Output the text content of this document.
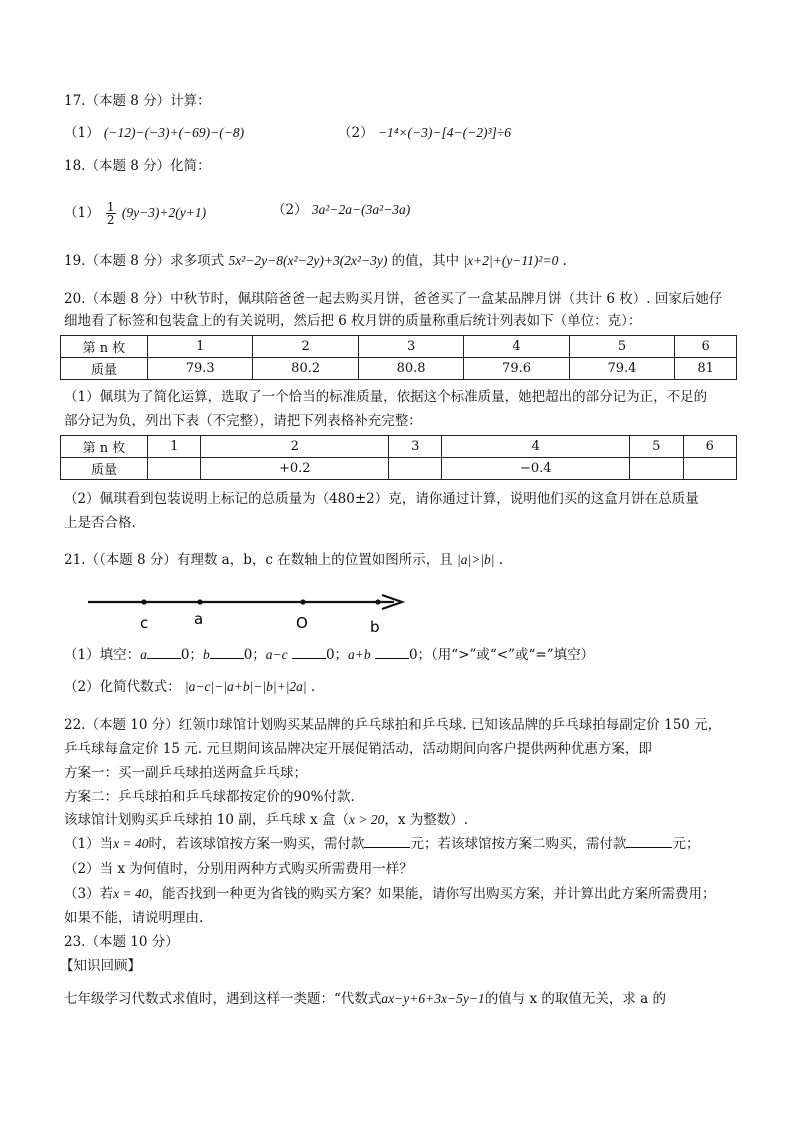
17.（本题 8 分）计算：
（1） (−12)−(−3)+(−69)−(−8)	（2） −1⁴×(−3)−[4−(−2)³]÷6
18.（本题 8 分）化简：
$(1) \frac{1}{2} (9y-3)+2(y+1)$	（2） 3a²−2a−(3a²−3a)
19.（本题 8 分）求多项式 5x²−2y−8(x²−2y)+3(2x²−3y) 的值，其中 |x+2|+(y−11)²=0 .
20.（本题 8 分）中秋节时，佩琪陪爸爸一起去购买月饼，爸爸买了一盒某品牌月饼（共计 6 枚）. 回家后她仔
细地看了标签和包装盒上的有关说明，然后把 6 枚月饼的质量称重后统计列表如下（单位：克）：
第 n 枚	1	2	3	4	5	6
质量	79.3	80.2	80.8	79.6	79.4	81
（1）佩琪为了简化运算，选取了一个恰当的标准质量，依据这个标准质量，她把超出的部分记为正，不足的
部分记为负，列出下表（不完整），请把下列表格补充完整：
第 n 枚	1	2	3	4	5	6
质量		+0.2		−0.4		
（2）佩琪看到包装说明上标记的总质量为（480±2）克，请你通过计算，说明他们买的这盒月饼在总质量
上是否合格.
21.（（本题 8 分）有理数 a，b，c 在数轴上的位置如图所示，且 |a|>|b| .
c	a	O	b
（1）填空：a	0；b	0；a−c	0；a+b	0；（用“>”或“<”或“=”填空）
（2）化简代数式： |a−c|−|a+b|−|b|+|2a| .
22.（本题 10 分）红领巾球馆计划购买某品牌的乒乓球拍和乒乓球. 已知该品牌的乒乓球拍每副定价 150 元，
乒乓球每盒定价 15 元. 元旦期间该品牌决定开展促销活动，活动期间向客户提供两种优惠方案，即
方案一：买一副乒乓球拍送两盒乒乓球；
方案二：乒乓球拍和乒乓球都按定价的90%付款.
该球馆计划购买乒乓球拍 10 副，乒乓球 x 盒（x > 20，x 为整数）.
（1）当x = 40时，若该球馆按方案一购买，需付款	元；若该球馆按方案二购买，需付款	元；
（2）当 x 为何值时，分别用两种方式购买所需费用一样？
（3）若x = 40，能否找到一种更为省钱的购买方案？如果能，请你写出购买方案，并计算出此方案所需费用；
如果不能，请说明理由.
23.（本题 10 分）
【知识回顾】
七年级学习代数式求值时，遇到这样一类题：“代数式ax−y+6+3x−5y−1的值与 x 的取值无关，求 a 的
